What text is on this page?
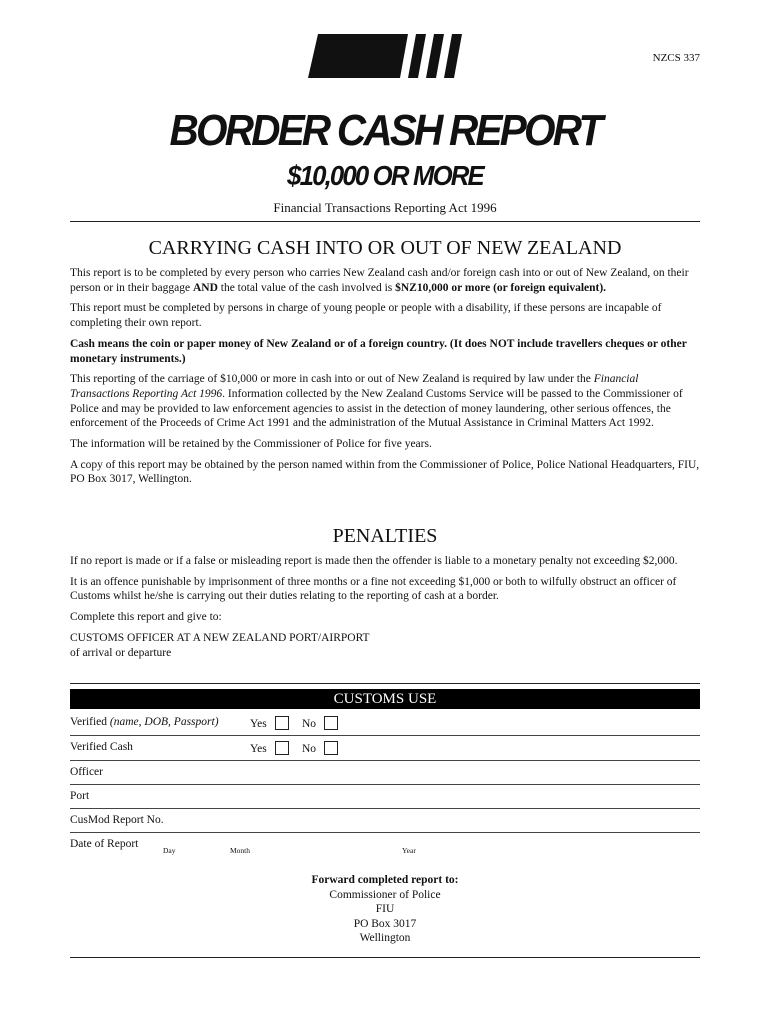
NZCS 337
BORDER CASH REPORT
$10,000 OR MORE
Financial Transactions Reporting Act 1996
CARRYING CASH INTO OR OUT OF NEW ZEALAND

This report is to be completed by every person who carries New Zealand cash and/or foreign cash into or out of New Zealand, on their person or in their baggage AND the total value of the cash involved is $NZ10,000 or more (or foreign equivalent).

This report must be completed by persons in charge of young people or people with a disability, if these persons are incapable of completing their own report.

Cash means the coin or paper money of New Zealand or of a foreign country. (It does NOT include travellers cheques or other monetary instruments.)

This reporting of the carriage of $10,000 or more in cash into or out of New Zealand is required by law under the Financial Transactions Reporting Act 1996. Information collected by the New Zealand Customs Service will be passed to the Commissioner of Police and may be provided to law enforcement agencies to assist in the detection of money laundering, other serious offences, the enforcement of the Proceeds of Crime Act 1991 and the administration of the Mutual Assistance in Criminal Matters Act 1992.

The information will be retained by the Commissioner of Police for five years.

A copy of this report may be obtained by the person named within from the Commissioner of Police, Police National Headquarters, FIU, PO Box 3017, Wellington.

PENALTIES

If no report is made or if a false or misleading report is made then the offender is liable to a monetary penalty not exceeding $2,000.

It is an offence punishable by imprisonment of three months or a fine not exceeding $1,000 or both to wilfully obstruct an officer of Customs whilst he/she is carrying out their duties relating to the reporting of cash at a border.

Complete this report and give to:

CUSTOMS OFFICER AT A NEW ZEALAND PORT/AIRPORT
of arrival or departure

CUSTOMS USE
Verified (name, DOB, Passport)	Yes	No
Verified Cash	Yes	No
Officer
Port
CusMod Report No.
Date of Report
Day	Month	Year
Forward completed report to:
Commissioner of Police
FIU
PO Box 3017
Wellington
